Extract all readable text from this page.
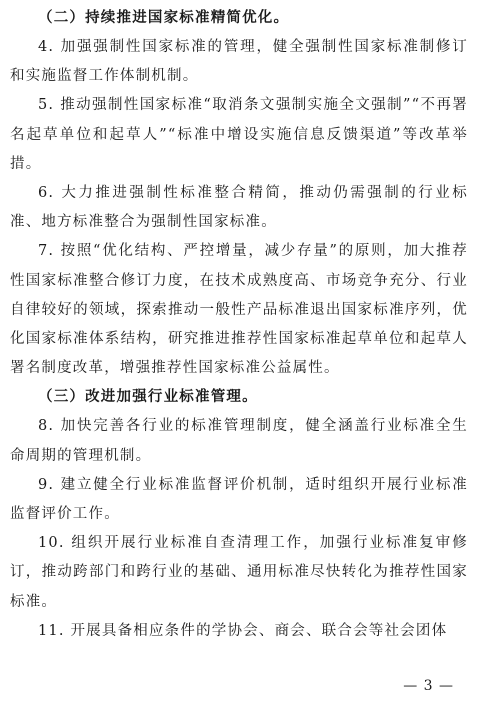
（二）持续推进国家标准精简优化。

4. 加强强制性国家标准的管理，健全强制性国家标准制修订和实施监督工作体制机制。

5. 推动强制性国家标准“取消条文强制实施全文强制”“不再署名起草单位和起草人”“标准中增设实施信息反馈渠道”等改革举措。

6. 大力推进强制性标准整合精简，推动仍需强制的行业标准、地方标准整合为强制性国家标准。

7. 按照“优化结构、严控增量，减少存量”的原则，加大推荐性国家标准整合修订力度，在技术成熟度高、市场竞争充分、行业自律较好的领域，探索推动一般性产品标准退出国家标准序列，优化国家标准体系结构，研究推进推荐性国家标准起草单位和起草人署名制度改革，增强推荐性国家标准公益属性。

（三）改进加强行业标准管理。

8. 加快完善各行业的标准管理制度，健全涵盖行业标准全生命周期的管理机制。

9. 建立健全行业标准监督评价机制，适时组织开展行业标准监督评价工作。

10. 组织开展行业标准自查清理工作，加强行业标准复审修订，推动跨部门和跨行业的基础、通用标准尽快转化为推荐性国家标准。

11. 开展具备相应条件的学协会、商会、联合会等社会团体

— 3 —
